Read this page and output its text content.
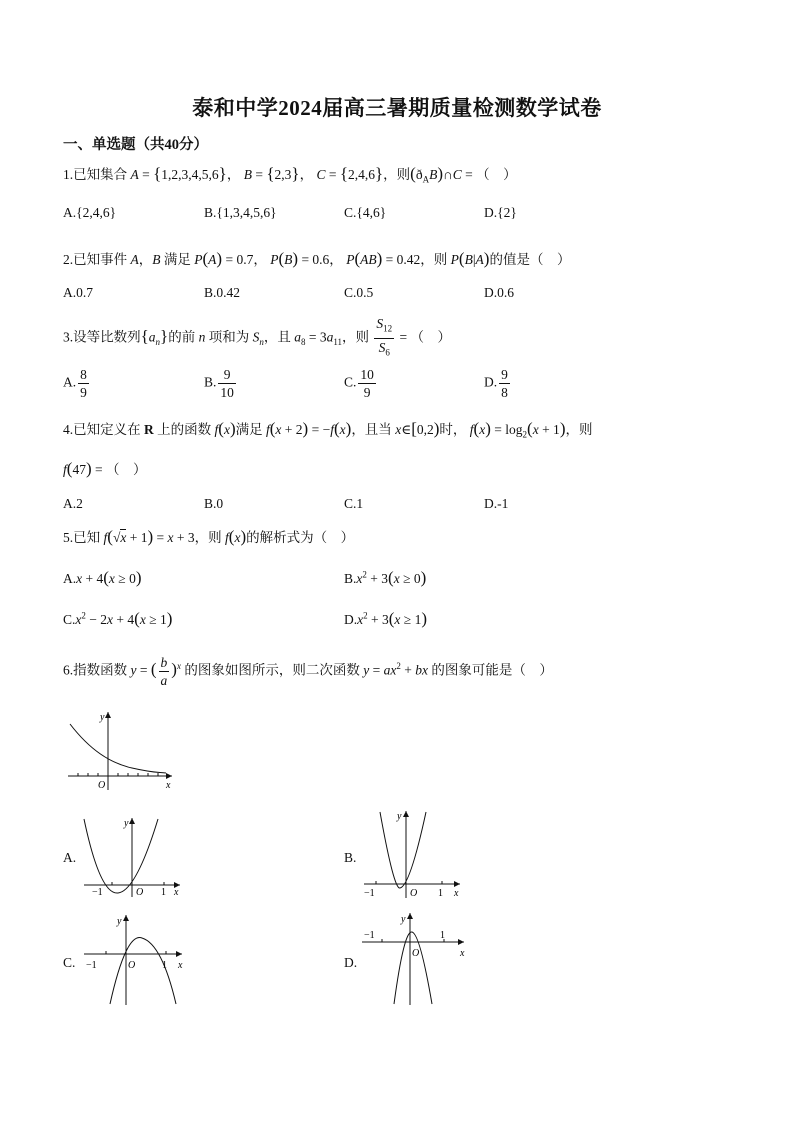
泰和中学2024届高三暑期质量检测数学试卷
一、单选题（共40分）
1.已知集合 A = {1,2,3,4,5,6}， B = {2,3}， C = {2,4,6}，则$(ð_AB)\cap C$ = （    ）
A.{2,4,6}	B.{1,3,4,5,6}	C.{4,6}	D.{2}
2.已知事件 A，B 满足 P(A) = 0.7， P(B) = 0.6， P(AB) = 0.42，则 P(B|A)的值是（    ）
A.0.7	B.0.42	C.0.5	D.0.6
3.设等比数列$\{a_n\}$的前 n 项和为 $S_n$，且 $a_8 = 3a_{11}$，则 $\frac{S_{12}}{S_6}$ = （    ）
A. $\frac{8}{9}$	B. $\frac{9}{10}$	C. $\frac{10}{9}$	D. $\frac{9}{8}$
4.已知定义在 R 上的函数 f(x)满足 f(x + 2) = −f(x)，且当 x∈[0,2)时， $f(x) = \log_2(x + 1)$，则
f(47) = （    ）
A.2	B.0	C.1	D.-1
5.已知 f(√x + 1) = x + 3，则 f(x)的解析式为（    ）
A.x + 4(x ≥ 0)	$B.x^2 + 3(x \ge 0)$
$C.x^2 - 2x + 4(x \ge 1)$	$D.x^2 + 3(x \ge 1)$
6.指数函数 y = ( $\frac{b}{a} )^x$ 的图象如图所示，则二次函数 $y = ax^2$ + bx 的图象可能是（    ）
y
x
O
A.
y
x
−1	O 1
B.
y
x
−1	O 1
C.
y
x
−1	O	1	D.
y
x
−1
O
1
